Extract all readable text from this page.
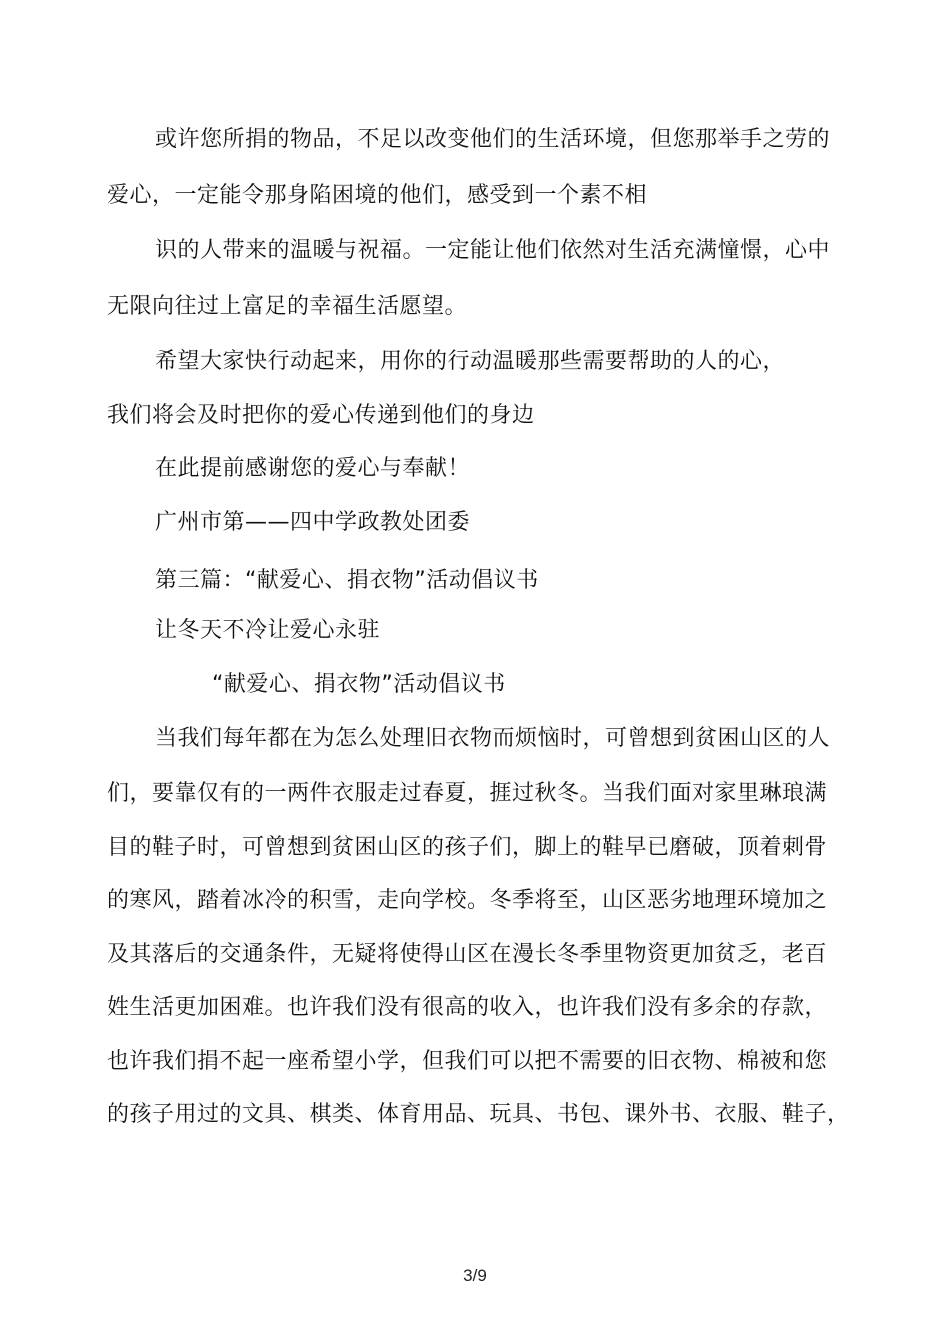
或许您所捐的物品，不足以改变他们的生活环境，但您那举手之劳的
爱心，一定能令那身陷困境的他们，感受到一个素不相
识的人带来的温暖与祝福。一定能让他们依然对生活充满憧憬，心中
无限向往过上富足的幸福生活愿望。
希望大家快行动起来，用你的行动温暖那些需要帮助的人的心，
我们将会及时把你的爱心传递到他们的身边
在此提前感谢您的爱心与奉献！
广州市第——四中学政教处团委
第三篇：“献爱心、捐衣物”活动倡议书
让冬天不冷让爱心永驻
“献爱心、捐衣物”活动倡议书
当我们每年都在为怎么处理旧衣物而烦恼时，可曾想到贫困山区的人
们，要靠仅有的一两件衣服走过春夏，捱过秋冬。当我们面对家里琳琅满
目的鞋子时，可曾想到贫困山区的孩子们，脚上的鞋早已磨破，顶着刺骨
的寒风，踏着冰冷的积雪，走向学校。冬季将至，山区恶劣地理环境加之
及其落后的交通条件，无疑将使得山区在漫长冬季里物资更加贫乏，老百
姓生活更加困难。也许我们没有很高的收入，也许我们没有多余的存款，
也许我们捐不起一座希望小学，但我们可以把不需要的旧衣物、棉被和您
的孩子用过的文具、棋类、体育用品、玩具、书包、课外书、衣服、鞋子，
3/9
